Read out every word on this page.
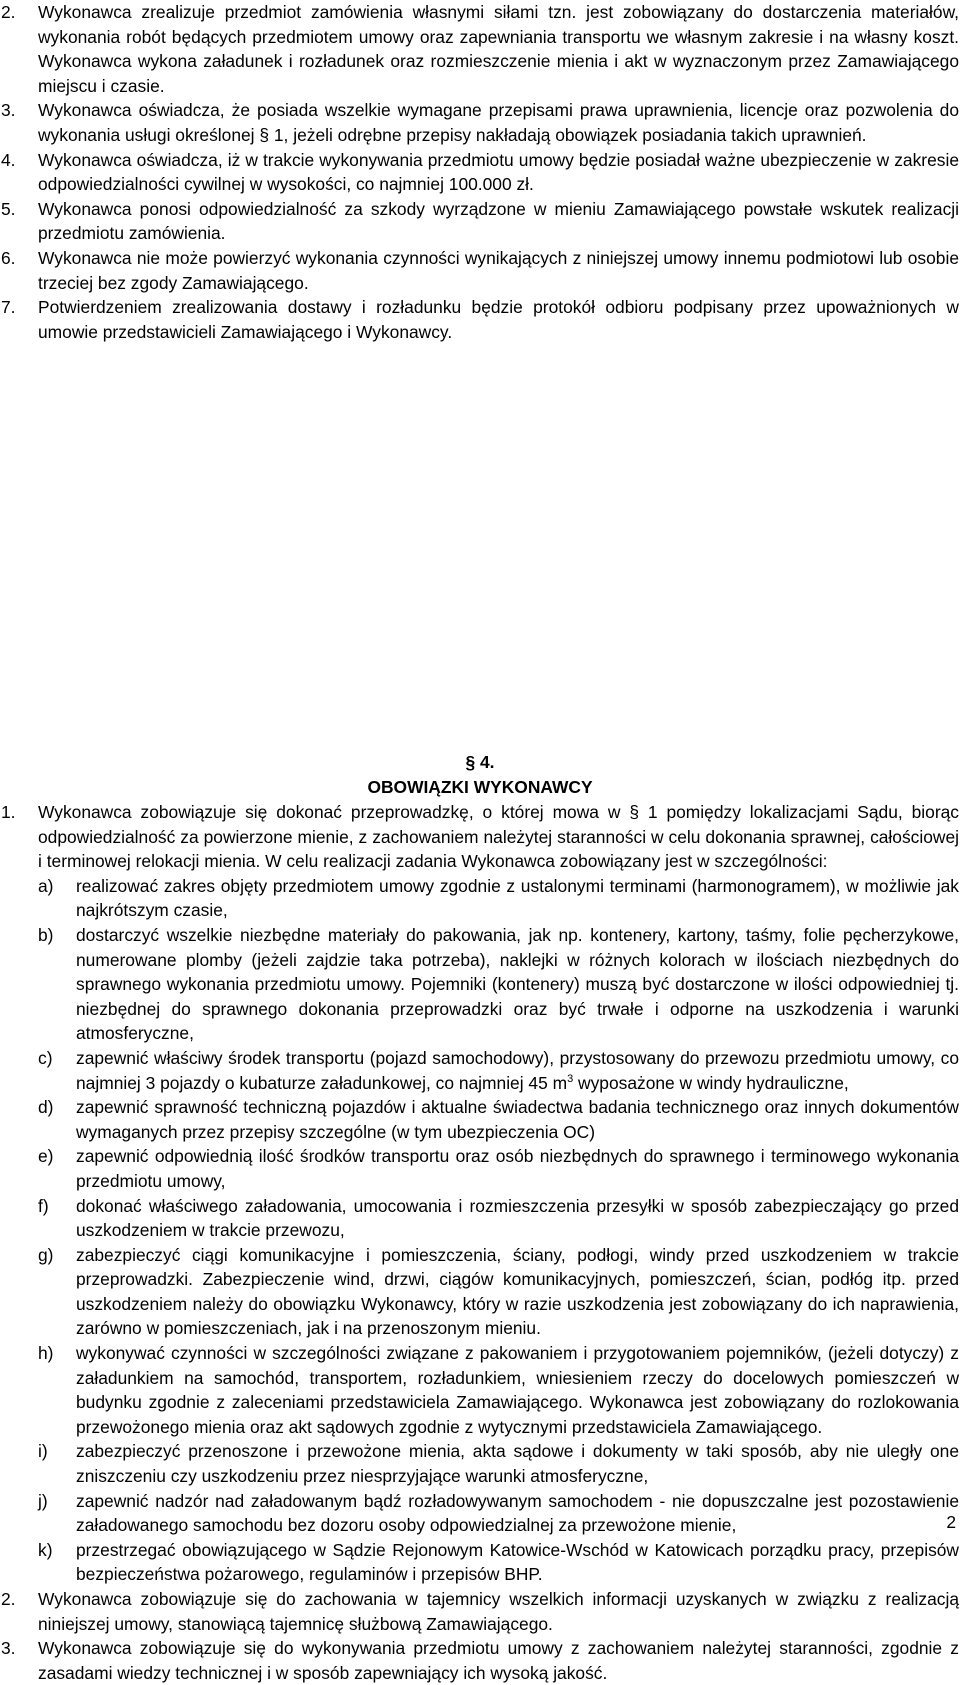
2.	Wykonawca zrealizuje przedmiot zamówienia własnymi siłami tzn. jest zobowiązany do dostarczenia materiałów, wykonania robót będących przedmiotem umowy oraz zapewniania transportu we własnym zakresie i na własny koszt. Wykonawca wykona załadunek i rozładunek oraz rozmieszczenie mienia i akt w wyznaczonym przez Zamawiającego miejscu i czasie.
3.	Wykonawca oświadcza, że posiada wszelkie wymagane przepisami prawa uprawnienia, licencje oraz pozwolenia do wykonania usługi określonej § 1, jeżeli odrębne przepisy nakładają obowiązek posiadania takich uprawnień.
4.	Wykonawca oświadcza, iż w trakcie wykonywania przedmiotu umowy będzie posiadał ważne ubezpieczenie w zakresie odpowiedzialności cywilnej w wysokości, co najmniej 100.000 zł.
5.	Wykonawca ponosi odpowiedzialność za szkody wyrządzone w mieniu Zamawiającego powstałe wskutek realizacji przedmiotu zamówienia.
6.	Wykonawca nie może powierzyć wykonania czynności wynikających z niniejszej umowy innemu podmiotowi lub osobie trzeciej bez zgody Zamawiającego.
7.	Potwierdzeniem zrealizowania dostawy i rozładunku będzie protokół odbioru podpisany przez upoważnionych w umowie przedstawicieli Zamawiającego i Wykonawcy.
§ 4.
OBOWIĄZKI WYKONAWCY
1.	Wykonawca zobowiązuje się dokonać przeprowadzkę, o której mowa w § 1 pomiędzy lokalizacjami Sądu, biorąc odpowiedzialność za powierzone mienie, z zachowaniem należytej staranności w celu dokonania sprawnej, całościowej i terminowej relokacji mienia. W celu realizacji zadania Wykonawca zobowiązany jest w szczególności:
a)	realizować zakres objęty przedmiotem umowy zgodnie z ustalonymi terminami (harmonogramem), w możliwie jak najkrótszym czasie,
b)	dostarczyć wszelkie niezbędne materiały do pakowania, jak np. kontenery, kartony, taśmy, folie pęcherzykowe, numerowane plomby (jeżeli zajdzie taka potrzeba), naklejki w różnych kolorach w ilościach niezbędnych do sprawnego wykonania przedmiotu umowy. Pojemniki (kontenery) muszą być dostarczone w ilości odpowiedniej tj. niezbędnej do sprawnego dokonania przeprowadzki oraz być trwałe i odporne na uszkodzenia i warunki atmosferyczne,
c)	zapewnić właściwy środek transportu (pojazd samochodowy), przystosowany do przewozu przedmiotu umowy, co najmniej 3 pojazdy o kubaturze załadunkowej, co najmniej 45 $m^3$ wyposażone w windy hydrauliczne,
d)	zapewnić sprawność techniczną pojazdów i aktualne świadectwa badania technicznego oraz innych dokumentów wymaganych przez przepisy szczególne (w tym ubezpieczenia OC)
e)	zapewnić odpowiednią ilość środków transportu oraz osób niezbędnych do sprawnego i terminowego wykonania przedmiotu umowy,
f)	dokonać właściwego załadowania, umocowania i rozmieszczenia przesyłki w sposób zabezpieczający go przed uszkodzeniem w trakcie przewozu,
g)	zabezpieczyć ciągi komunikacyjne i pomieszczenia, ściany, podłogi, windy przed uszkodzeniem w trakcie przeprowadzki. Zabezpieczenie wind, drzwi, ciągów komunikacyjnych, pomieszczeń, ścian, podłóg itp. przed uszkodzeniem należy do obowiązku Wykonawcy, który w razie uszkodzenia jest zobowiązany do ich naprawienia, zarówno w pomieszczeniach, jak i na przenoszonym mieniu.
h)	wykonywać czynności w szczególności związane z pakowaniem i przygotowaniem pojemników, (jeżeli dotyczy) z załadunkiem na samochód, transportem, rozładunkiem, wniesieniem rzeczy do docelowych pomieszczeń w budynku zgodnie z zaleceniami przedstawiciela Zamawiającego. Wykonawca jest zobowiązany do rozlokowania przewożonego mienia oraz akt sądowych zgodnie z wytycznymi przedstawiciela Zamawiającego.
i)	zabezpieczyć przenoszone i przewożone mienia, akta sądowe i dokumenty w taki sposób, aby nie uległy one zniszczeniu czy uszkodzeniu przez niesprzyjające warunki atmosferyczne,
j)	zapewnić nadzór nad załadowanym bądź rozładowywanym samochodem - nie dopuszczalne jest pozostawienie załadowanego samochodu bez dozoru osoby odpowiedzialnej za przewożone mienie,
k)	przestrzegać obowiązującego w Sądzie Rejonowym Katowice-Wschód w Katowicach porządku pracy, przepisów bezpieczeństwa pożarowego, regulaminów i przepisów BHP.
2.	Wykonawca zobowiązuje się do zachowania w tajemnicy wszelkich informacji uzyskanych w związku z realizacją niniejszej umowy, stanowiącą tajemnicę służbową Zamawiającego.
3.	Wykonawca zobowiązuje się do wykonywania przedmiotu umowy z zachowaniem należytej staranności, zgodnie z zasadami wiedzy technicznej i w sposób zapewniający ich wysoką jakość.
2
